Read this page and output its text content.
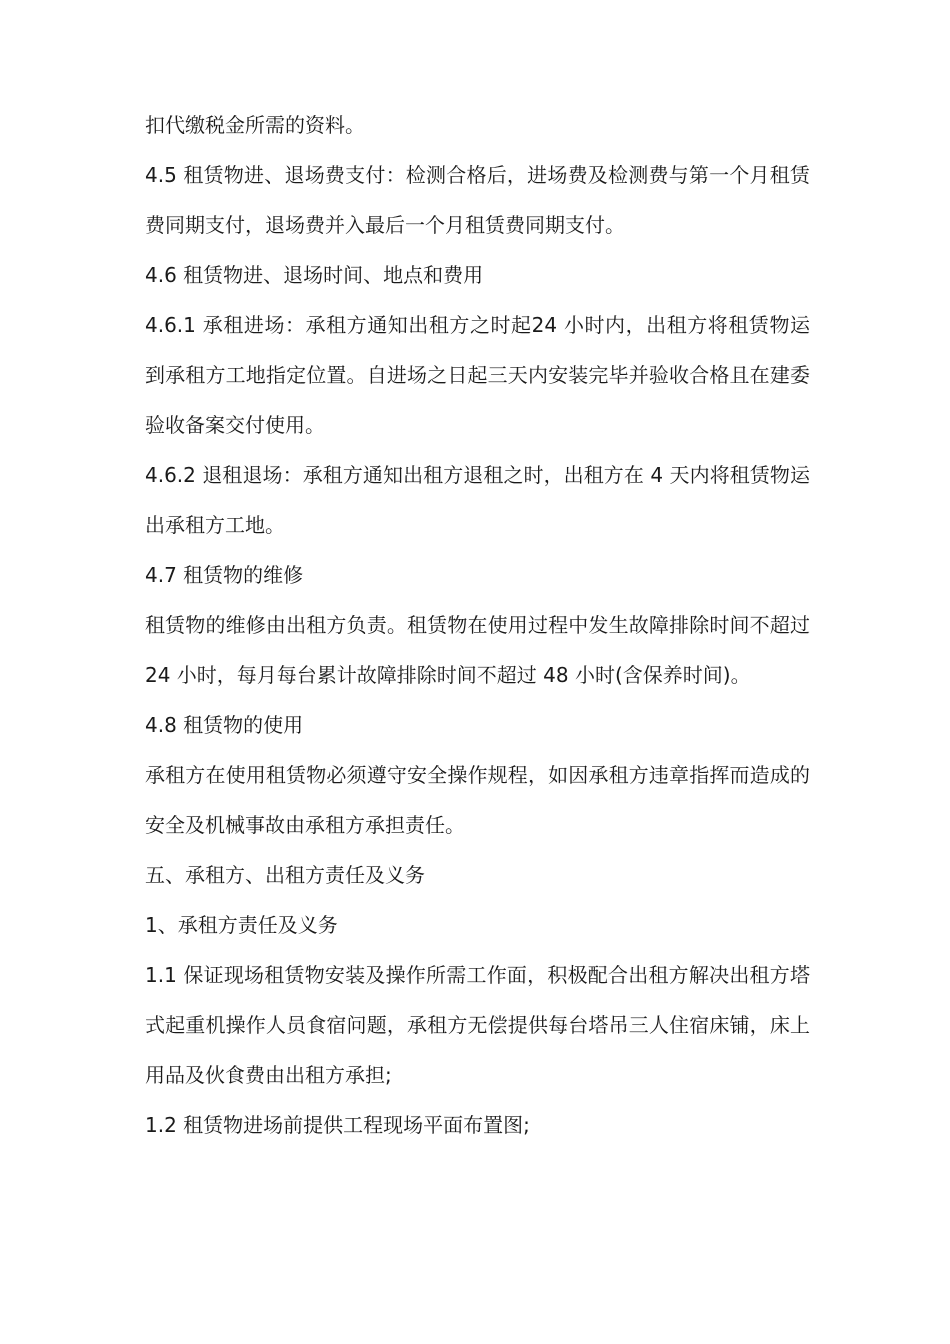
扣代缴税金所需的资料。

4.5 租赁物进、退场费支付：检测合格后，进场费及检测费与第一个月租赁费同期支付，退场费并入最后一个月租赁费同期支付。

4.6 租赁物进、退场时间、地点和费用

4.6.1 承租进场：承租方通知出租方之时起24 小时内，出租方将租赁物运到承租方工地指定位置。自进场之日起三天内安装完毕并验收合格且在建委验收备案交付使用。

4.6.2 退租退场：承租方通知出租方退租之时，出租方在 4 天内将租赁物运出承租方工地。

4.7 租赁物的维修

租赁物的维修由出租方负责。租赁物在使用过程中发生故障排除时间不超过 24 小时，每月每台累计故障排除时间不超过 48 小时(含保养时间)。

4.8 租赁物的使用

承租方在使用租赁物必须遵守安全操作规程，如因承租方违章指挥而造成的安全及机械事故由承租方承担责任。

五、承租方、出租方责任及义务

1、承租方责任及义务

1.1 保证现场租赁物安装及操作所需工作面，积极配合出租方解决出租方塔式起重机操作人员食宿问题，承租方无偿提供每台塔吊三人住宿床铺，床上用品及伙食费由出租方承担;

1.2 租赁物进场前提供工程现场平面布置图;
